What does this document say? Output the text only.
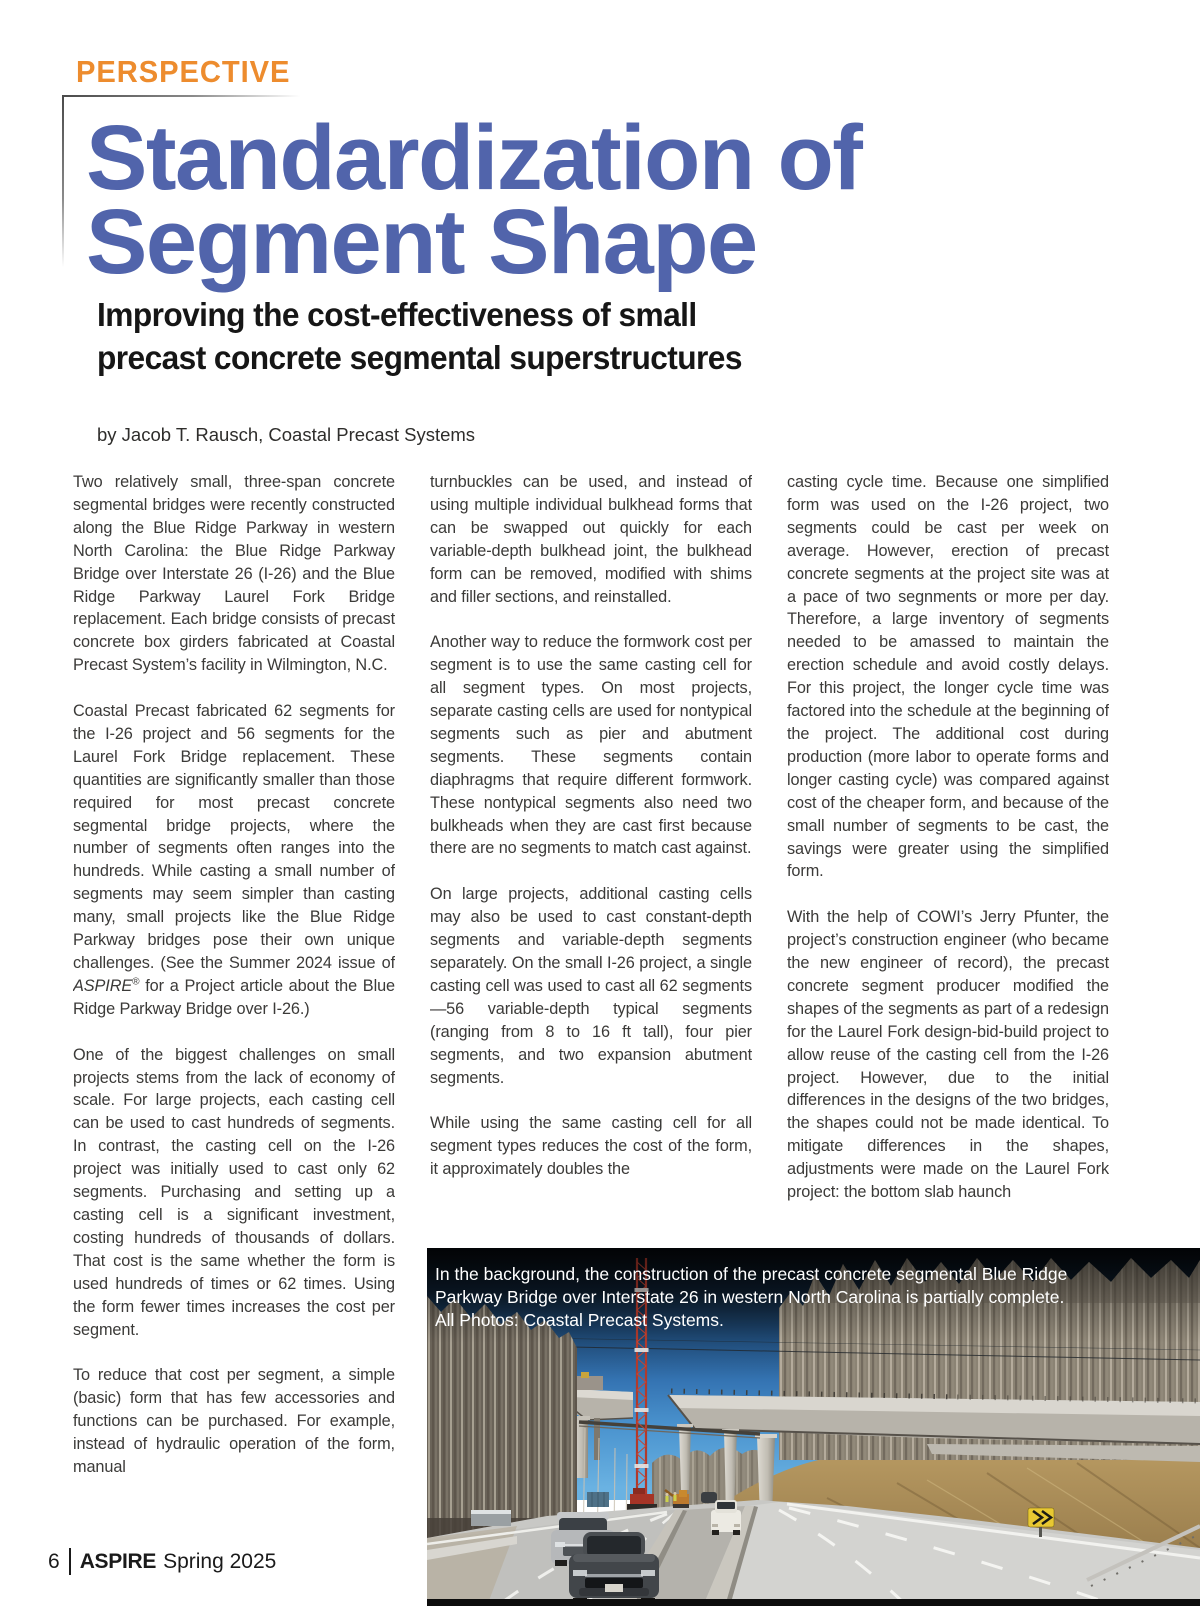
PERSPECTIVE
Standardization of
Segment Shape
Improving the cost-effectiveness of small
precast concrete segmental superstructures
by Jacob T. Rausch, Coastal Precast Systems

Two relatively small, three-span concrete segmental bridges were recently constructed along the Blue Ridge Parkway in western North Carolina: the Blue Ridge Parkway Bridge over Interstate 26 (I-26) and the Blue Ridge Parkway Laurel Fork Bridge replacement. Each bridge consists of precast concrete box girders fabricated at Coastal Precast System’s facility in Wilmington, N.C.

Coastal Precast fabricated 62 segments for the I-26 project and 56 segments for the Laurel Fork Bridge replacement. These quantities are significantly smaller than those required for most precast concrete segmental bridge projects, where the number of segments often ranges into the hundreds. While casting a small number of segments may seem simpler than casting many, small projects like the Blue Ridge Parkway bridges pose their own unique challenges. (See the Summer 2024 issue of ASPIRE® for a Project article about the Blue Ridge Parkway Bridge over I-26.)

One of the biggest challenges on small projects stems from the lack of economy of scale. For large projects, each casting cell can be used to cast hundreds of segments. In contrast, the casting cell on the I-26 project was initially used to cast only 62 segments. Purchasing and setting up a casting cell is a significant investment, costing hundreds of thousands of dollars. That cost is the same whether the form is used hundreds of times or 62 times. Using the form fewer times increases the cost per segment.

To reduce that cost per segment, a simple (basic) form that has few accessories and functions can be purchased. For example, instead of hydraulic operation of the form, manual

turnbuckles can be used, and instead of using multiple individual bulkhead forms that can be swapped out quickly for each variable-depth bulkhead joint, the bulkhead form can be removed, modified with shims and filler sections, and reinstalled.

Another way to reduce the formwork cost per segment is to use the same casting cell for all segment types. On most projects, separate casting cells are used for nontypical segments such as pier and abutment segments. These segments contain diaphragms that require different formwork. These nontypical segments also need two bulkheads when they are cast first because there are no segments to match cast against.

On large projects, additional casting cells may also be used to cast constant-depth segments and variable-depth segments separately. On the small I-26 project, a single casting cell was used to cast all 62 segments—56 variable-depth typical segments (ranging from 8 to 16 ft tall), four pier segments, and two expansion abutment segments.

While using the same casting cell for all segment types reduces the cost of the form, it approximately doubles the

casting cycle time. Because one simplified form was used on the I-26 project, two segments could be cast per week on average. However, erection of precast concrete segments at the project site was at a pace of two segnments or more per day. Therefore, a large inventory of segments needed to be amassed to maintain the erection schedule and avoid costly delays. For this project, the longer cycle time was factored into the schedule at the beginning of the project. The additional cost during production (more labor to operate forms and longer casting cycle) was compared against cost of the cheaper form, and because of the small number of segments to be cast, the savings were greater using the simplified form.

With the help of COWI’s Jerry Pfunter, the project’s construction engineer (who became the new engineer of record), the precast concrete segment producer modified the shapes of the segments as part of a redesign for the Laurel Fork design-bid-build project to allow reuse of the casting cell from the I-26 project. However, due to the initial differences in the designs of the two bridges, the shapes could not be made identical. To mitigate differences in the shapes, adjustments were made on the Laurel Fork project: the bottom slab haunch

In the background, the construction of the precast concrete segmental Blue Ridge
Parkway Bridge over Interstate 26 in western North Carolina is partially complete.
All Photos: Coastal Precast Systems.
6 ASPIRE Spring 2025
